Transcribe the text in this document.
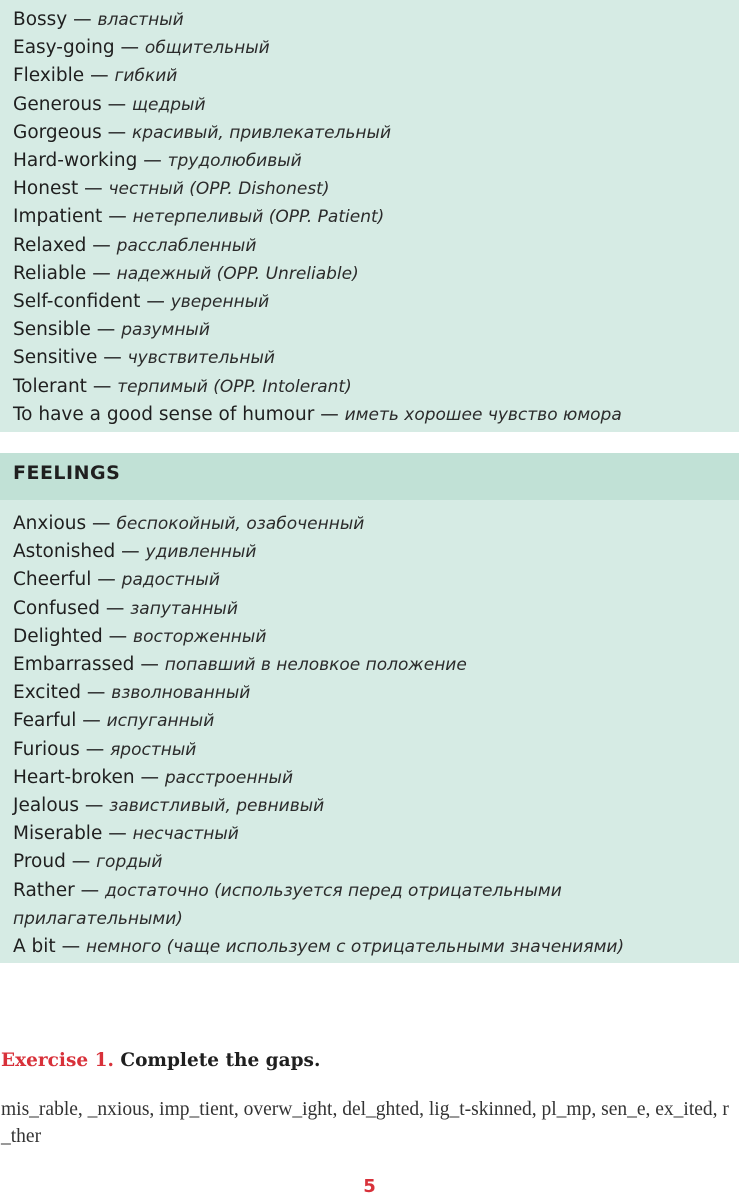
Bossy — властный
Easy-going — общительный
Flexible — гибкий
Generous — щедрый
Gorgeous — красивый, привлекательный
Hard-working — трудолюбивый
Honest — честный (OPP. Dishonest)
Impatient — нетерпеливый (OPP. Patient)
Relaxed — расслабленный
Reliable — надежный (OPP. Unreliable)
Self-confident — уверенный
Sensible — разумный
Sensitive — чувствительный
Tolerant — терпимый (OPP. Intolerant)
To have a good sense of humour — иметь хорошее чувство юмора
FEELINGS
Anxious — беспокойный, озабоченный
Astonished — удивленный
Cheerful — радостный
Confused — запутанный
Delighted — восторженный
Embarrassed — попавший в неловкое положение
Excited — взволнованный
Fearful — испуганный
Furious — яростный
Heart-broken — расстроенный
Jealous — завистливый, ревнивый
Miserable — несчастный
Proud — гордый
Rather — достаточно (используется перед отрицательными прилагательными)
A bit — немного (чаще используем с отрицательными значениями)

Exercise 1. Complete the gaps.

mis_rable, _nxious, imp_tient, overw_ight, del_ghted, lig_t-skinned, pl_mp, sen_e, ex_ited, r_ther

5
